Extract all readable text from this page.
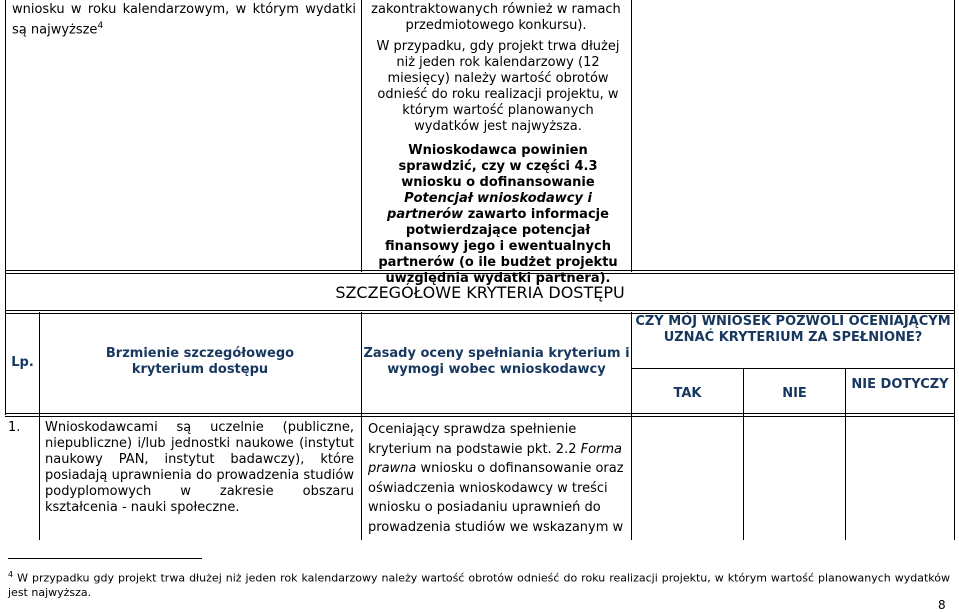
wniosku w roku kalendarzowym, w którym wydatki są najwyższe$^4$
zakontraktowanych również w ramach przedmiotowego konkursu).
W przypadku, gdy projekt trwa dłużej niż jeden rok kalendarzowy (12 miesięcy) należy wartość obrotów odnieść do roku realizacji projektu, w którym wartość planowanych wydatków jest najwyższa.
Wnioskodawca powinien sprawdzić, czy w części 4.3 wniosku o dofinansowanie Potencjał wnioskodawcy i partnerów zawarto informacje potwierdzające potencjał finansowy jego i ewentualnych partnerów (o ile budżet projektu uwzględnia wydatki partnera).
SZCZEGÓŁOWE KRYTERIA DOSTĘPU
Lp.
Brzmienie szczegółowego kryterium dostępu
Zasady oceny spełniania kryterium i wymogi wobec wnioskodawcy
CZY MÓJ WNIOSEK POZWOLI OCENIAJĄCYM UZNAĆ KRYTERIUM ZA SPEŁNIONE?
TAK	NIE
NIE DOTYCZY
1. Wnioskodawcami są uczelnie (publiczne, niepubliczne) i/lub jednostki naukowe (instytut naukowy PAN, instytut badawczy), które posiadają uprawnienia do prowadzenia studiów podyplomowych w zakresie obszaru kształcenia - nauki społeczne.
Oceniający sprawdza spełnienie kryterium na podstawie pkt. 2.2 Forma prawna wniosku o dofinansowanie oraz oświadczenia wnioskodawcy w treści wniosku o posiadaniu uprawnień do prowadzenia studiów we wskazanym w
$^4$ W przypadku gdy projekt trwa dłużej niż jeden rok kalendarzowy należy wartość obrotów odnieść do roku realizacji projektu, w którym wartość planowanych wydatków jest najwyższa.
8
